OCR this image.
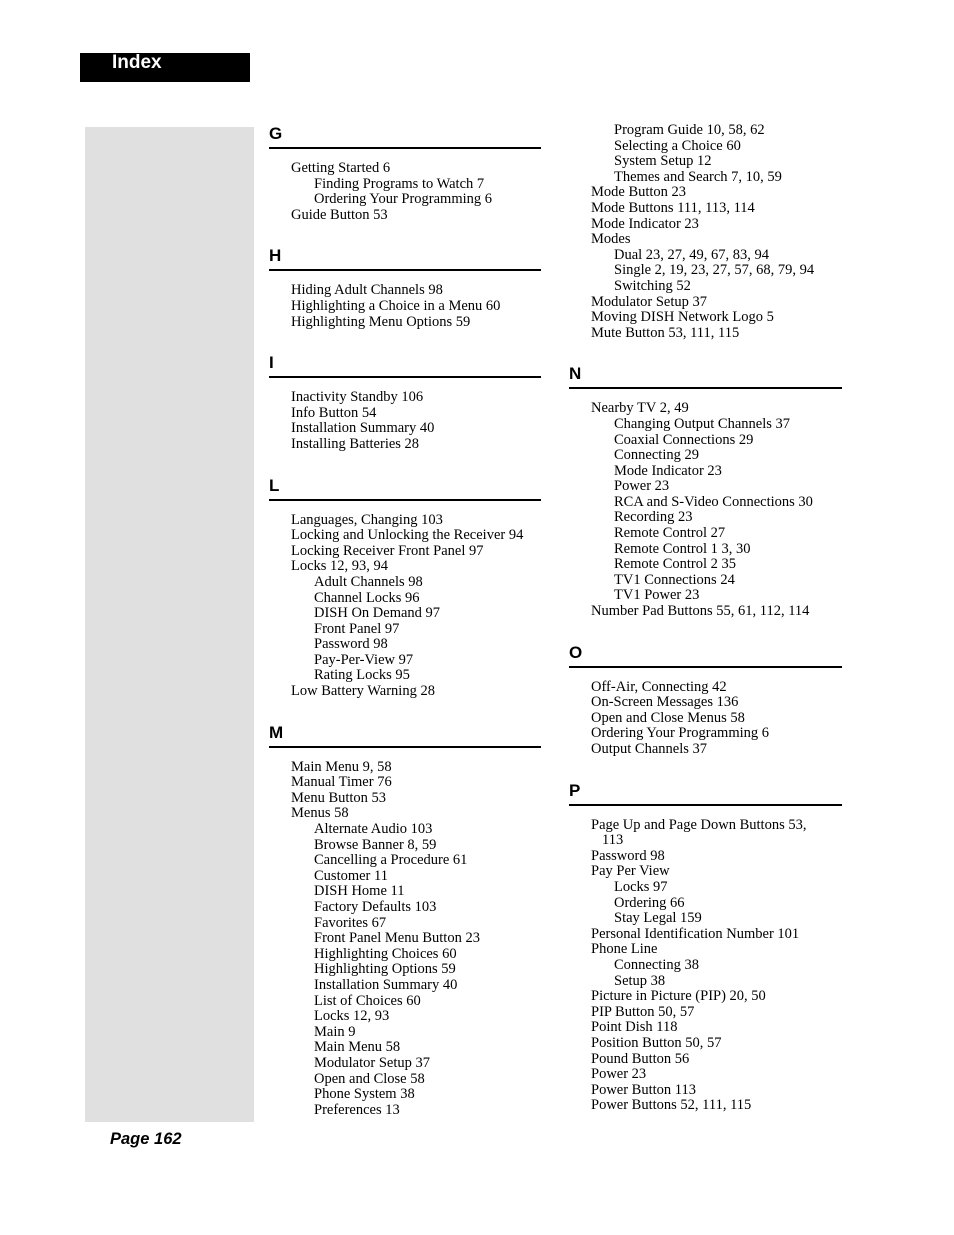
Index
G
Getting Started 6
Finding Programs to Watch 7
Ordering Your Programming 6
Guide Button 53
H
Hiding Adult Channels 98
Highlighting a Choice in a Menu 60
Highlighting Menu Options 59
I
Inactivity Standby 106
Info Button 54
Installation Summary 40
Installing Batteries 28
L
Languages, Changing 103
Locking and Unlocking the Receiver 94
Locking Receiver Front Panel 97
Locks 12, 93, 94
Adult Channels 98
Channel Locks 96
DISH On Demand 97
Front Panel 97
Password 98
Pay-Per-View 97
Rating Locks 95
Low Battery Warning 28
M
Main Menu 9, 58
Manual Timer 76
Menu Button 53
Menus 58
Alternate Audio 103
Browse Banner 8, 59
Cancelling a Procedure 61
Customer 11
DISH Home 11
Factory Defaults 103
Favorites 67
Front Panel Menu Button 23
Highlighting Choices 60
Highlighting Options 59
Installation Summary 40
List of Choices 60
Locks 12, 93
Main 9
Main Menu 58
Modulator Setup 37
Open and Close 58
Phone System 38
Preferences 13
Program Guide 10, 58, 62
Selecting a Choice 60
System Setup 12
Themes and Search 7, 10, 59
Mode Button 23
Mode Buttons 111, 113, 114
Mode Indicator 23
Modes
Dual 23, 27, 49, 67, 83, 94
Single 2, 19, 23, 27, 57, 68, 79, 94
Switching 52
Modulator Setup 37
Moving DISH Network Logo 5
Mute Button 53, 111, 115
N
Nearby TV 2, 49
Changing Output Channels 37
Coaxial Connections 29
Connecting 29
Mode Indicator 23
Power 23
RCA and S-Video Connections 30
Recording 23
Remote Control 27
Remote Control 1 3, 30
Remote Control 2 35
TV1 Connections 24
TV1 Power 23
Number Pad Buttons 55, 61, 112, 114
O
Off-Air, Connecting 42
On-Screen Messages 136
Open and Close Menus 58
Ordering Your Programming 6
Output Channels 37
P
Page Up and Page Down Buttons 53,
113
Password 98
Pay Per View
Locks 97
Ordering 66
Stay Legal 159
Personal Identification Number 101
Phone Line
Connecting 38
Setup 38
Picture in Picture (PIP) 20, 50
PIP Button 50, 57
Point Dish 118
Position Button 50, 57
Pound Button 56
Power 23
Power Button 113
Power Buttons 52, 111, 115
Page 162
